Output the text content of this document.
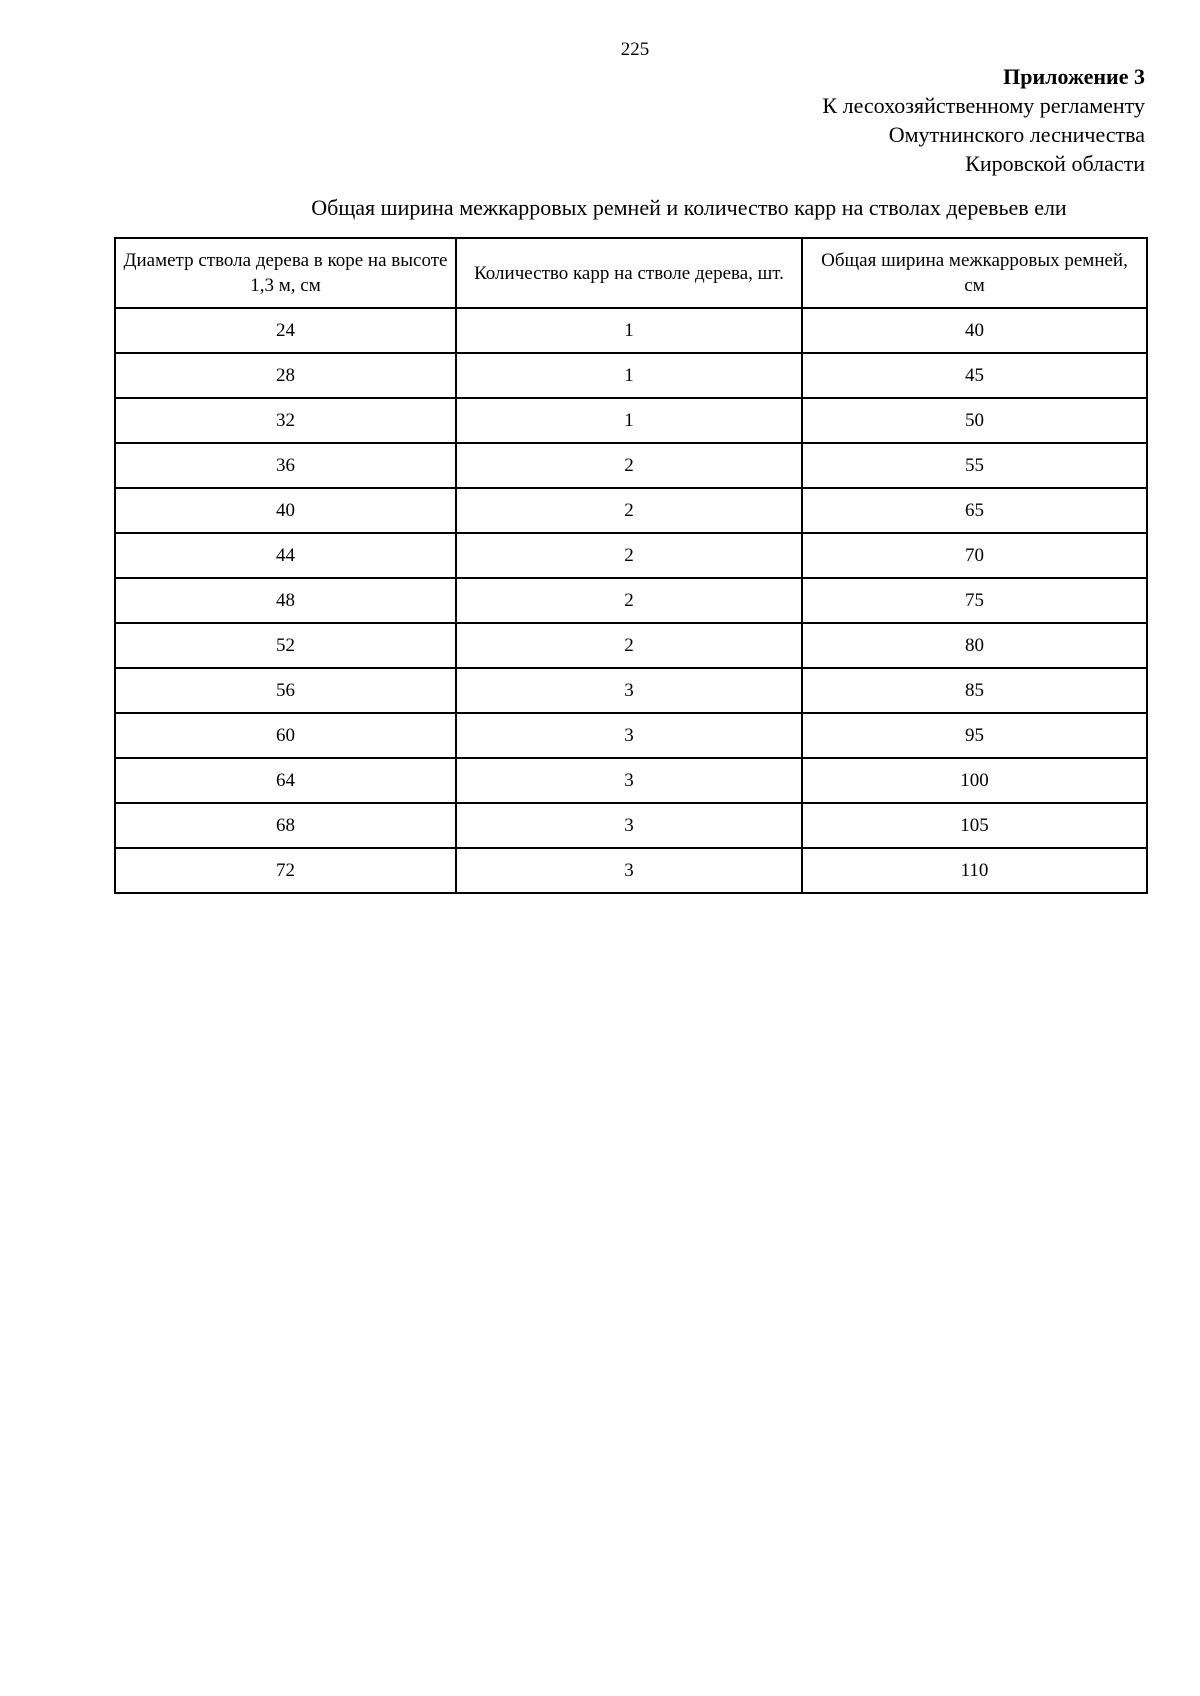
225
Приложение 3
К лесохозяйственному регламенту
Омутнинского лесничества
Кировской области
Общая ширина межкарровых ремней и количество карр на стволах деревьев ели
Диаметр ствола дерева в коре на высоте 1,3 м, см	Количество карр на стволе дерева, шт.	Общая ширина межкарровых ремней, см
24	1	40
28	1	45
32	1	50
36	2	55
40	2	65
44	2	70
48	2	75
52	2	80
56	3	85
60	3	95
64	3	100
68	3	105
72	3	110
